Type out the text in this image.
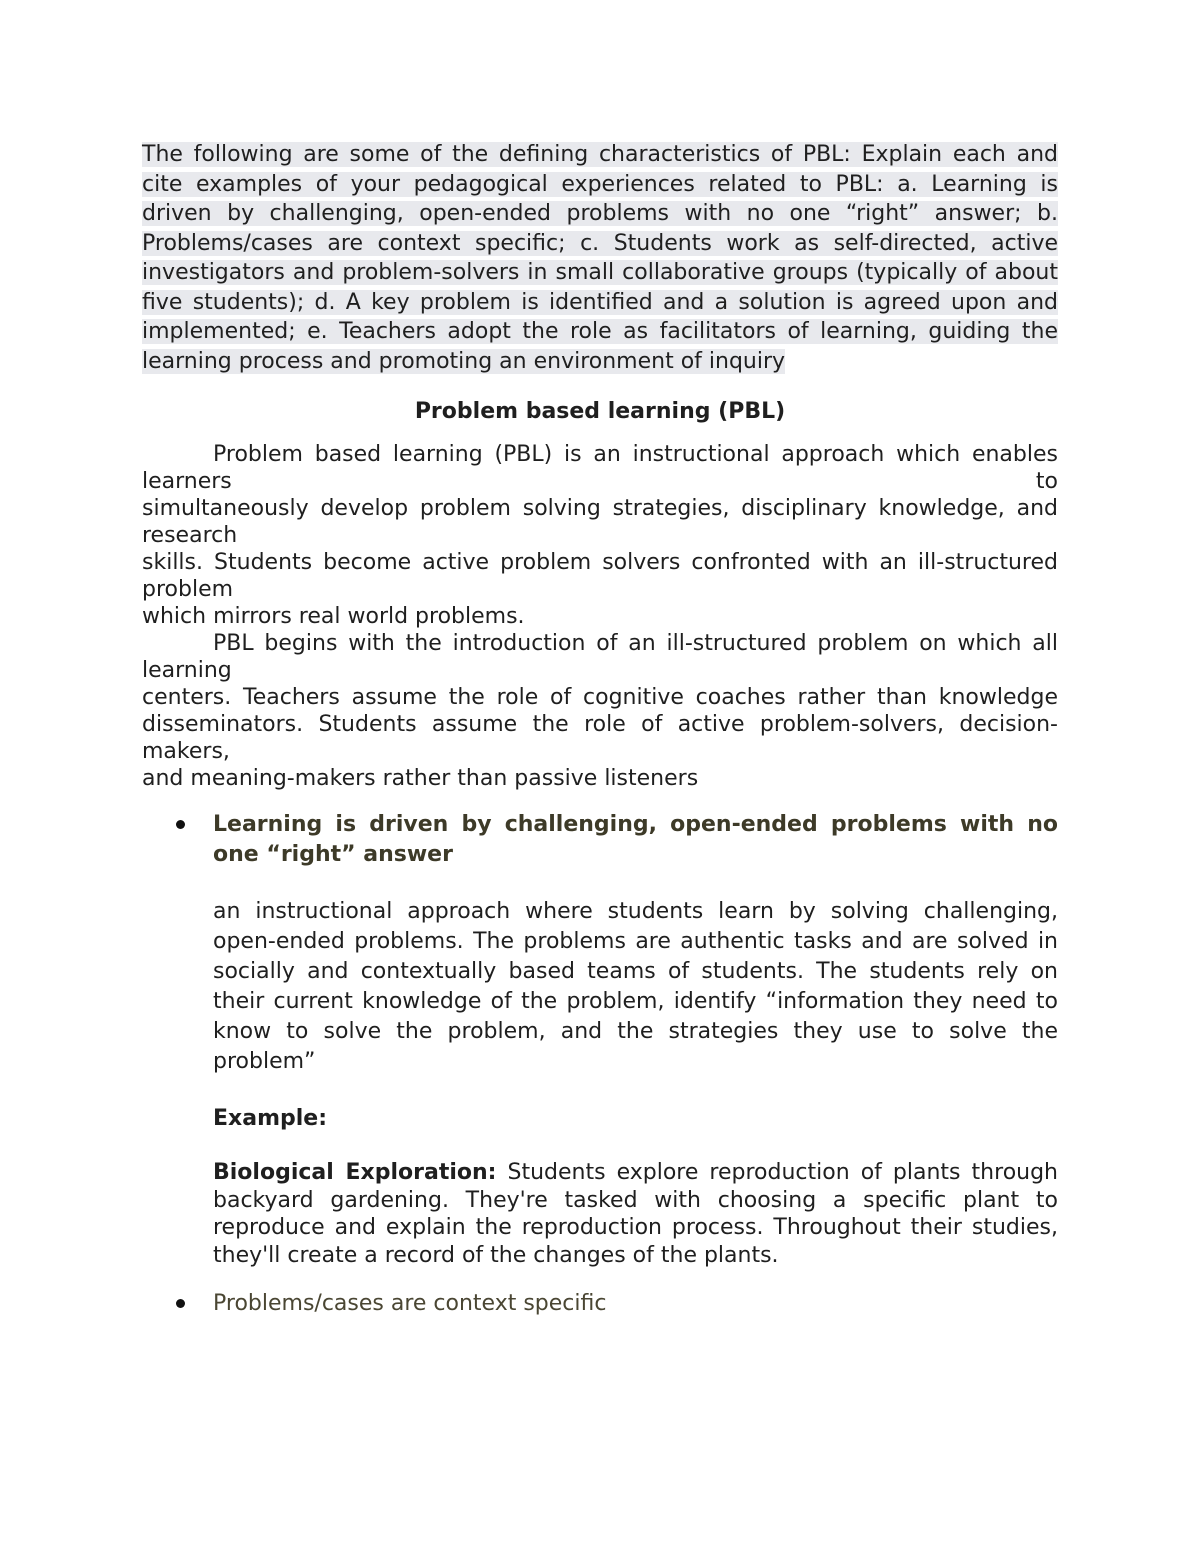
The following are some of the defining characteristics of PBL: Explain each and cite examples of your pedagogical experiences related to PBL: a. Learning is driven by challenging, open-ended problems with no one “right” answer; b. Problems/cases are context specific; c. Students work as self-directed, active investigators and problem-solvers in small collaborative groups (typically of about five students); d. A key problem is identified and a solution is agreed upon and implemented; e. Teachers adopt the role as facilitators of learning, guiding the learning process and promoting an environment of inquiry

Problem based learning (PBL)

Problem based learning (PBL) is an instructional approach which enables learners to
simultaneously develop problem solving strategies, disciplinary knowledge, and research
skills. Students become active problem solvers confronted with an ill-structured problem
which mirrors real world problems.

PBL begins with the introduction of an ill-structured problem on which all learning
centers. Teachers assume the role of cognitive coaches rather than knowledge
disseminators. Students assume the role of active problem-solvers, decision-makers,
and meaning-makers rather than passive listeners

Learning is driven by challenging, open-ended problems with no one “right” answer

an instructional approach where students learn by solving challenging, open-ended problems. The problems are authentic tasks and are solved in socially and contextually based teams of students. The students rely on their current knowledge of the problem, identify “information they need to know to solve the problem, and the strategies they use to solve the problem”

Example:

Biological Exploration: Students explore reproduction of plants through backyard gardening. They're tasked with choosing a specific plant to reproduce and explain the reproduction process. Throughout their studies, they'll create a record of the changes of the plants.

Problems/cases are context specific
